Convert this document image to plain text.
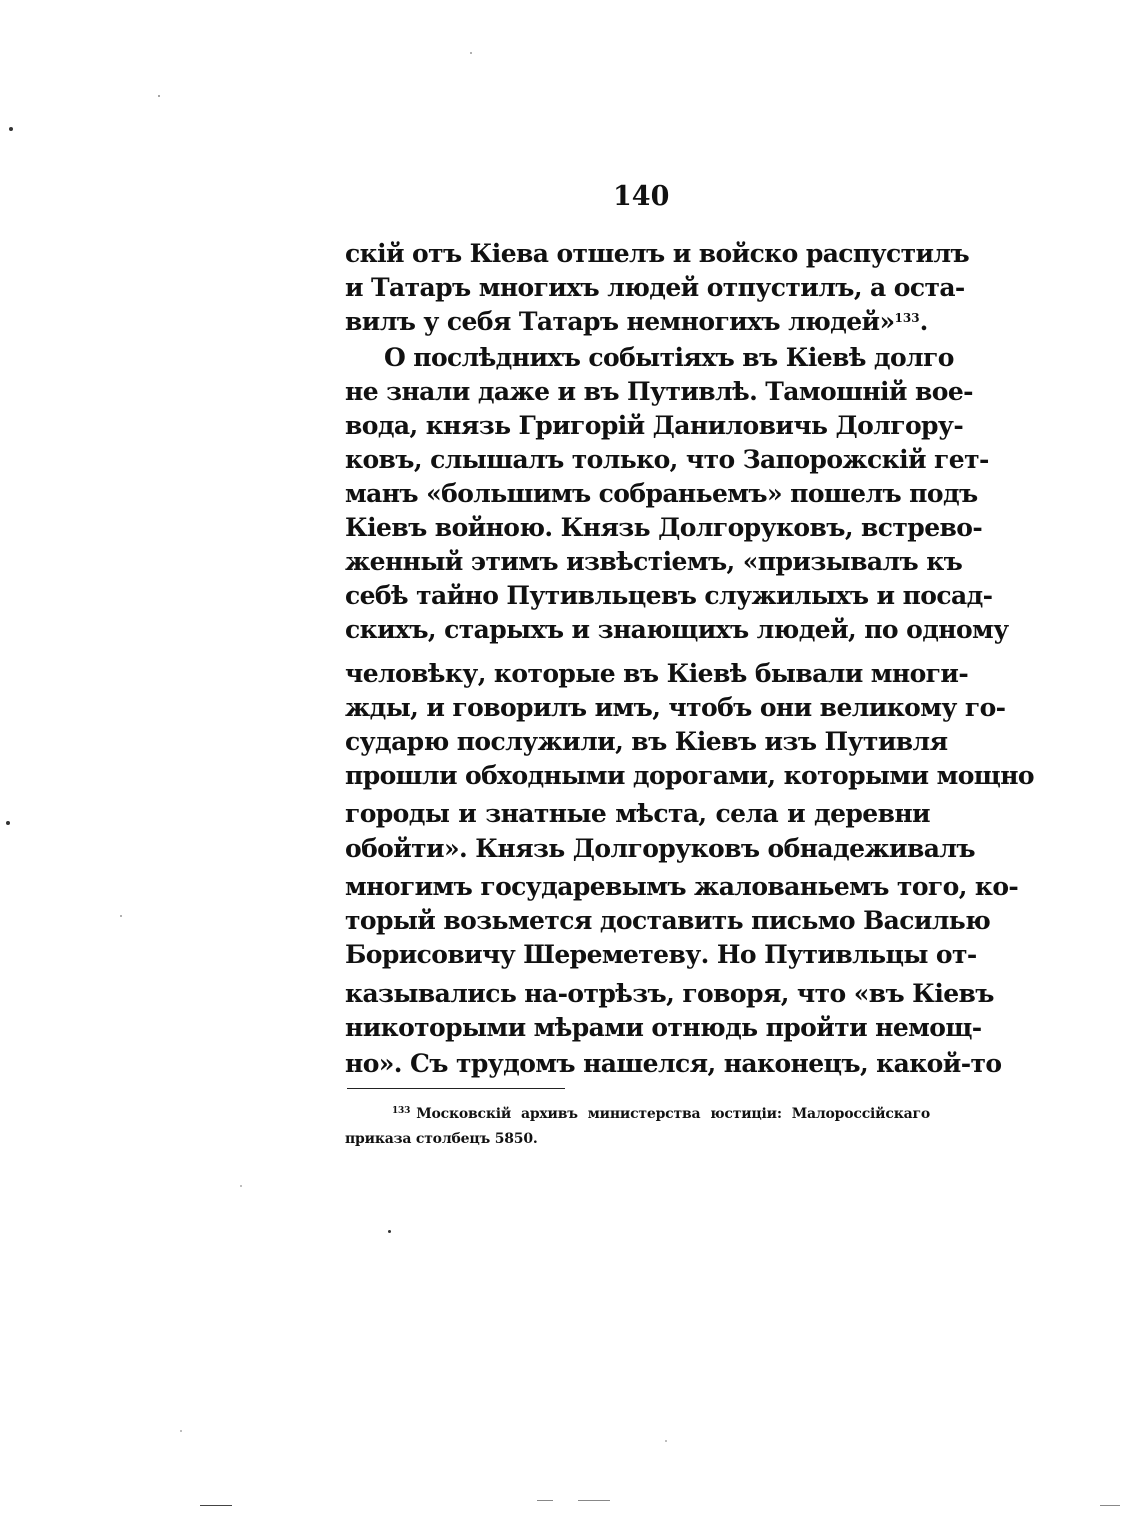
140
скій отъ Кіева отшелъ и войско распустилъ
и Татаръ многихъ людей отпустилъ, а оста-
вилъ у себя Татаръ немногихъ людей»$^{133}$.
О послѣднихъ событіяхъ въ Кіевѣ долго
не знали даже и въ Путивлѣ. Тамошній вое-
вода, князь Григорій Даниловичь Долгору-
ковъ, слышалъ только, что Запорожскій гет-
манъ «большимъ собраньемъ» пошелъ подъ
Кіевъ войною. Князь Долгоруковъ, встрево-
женный этимъ извѣстіемъ, «призывалъ къ
себѣ тайно Путивльцевъ служилыхъ и посад-
скихъ, старыхъ и знающихъ людей, по одному
человѣку, которые въ Кіевѣ бывали многи-
жды, и говорилъ имъ, чтобъ они великому го-
сударю послужили, въ Кіевъ изъ Путивля
прошли обходными дорогами, которыми мощно
городы и знатные мѣста, села и деревни
обойти». Князь Долгоруковъ обнадеживалъ
многимъ государевымъ жалованьемъ того, ко-
торый возьмется доставить письмо Василью
Борисовичу Шереметеву. Но Путивльцы от-
казывались на-отрѣзъ, говоря, что «въ Кіевъ
никоторыми мѣрами отнюдь пройти немощ-
но». Съ трудомъ нашелся, наконецъ, какой-то
$^{133}$ Московскій архивъ министерства юстиціи: Малороссійскаго
приказа столбецъ 5850.
